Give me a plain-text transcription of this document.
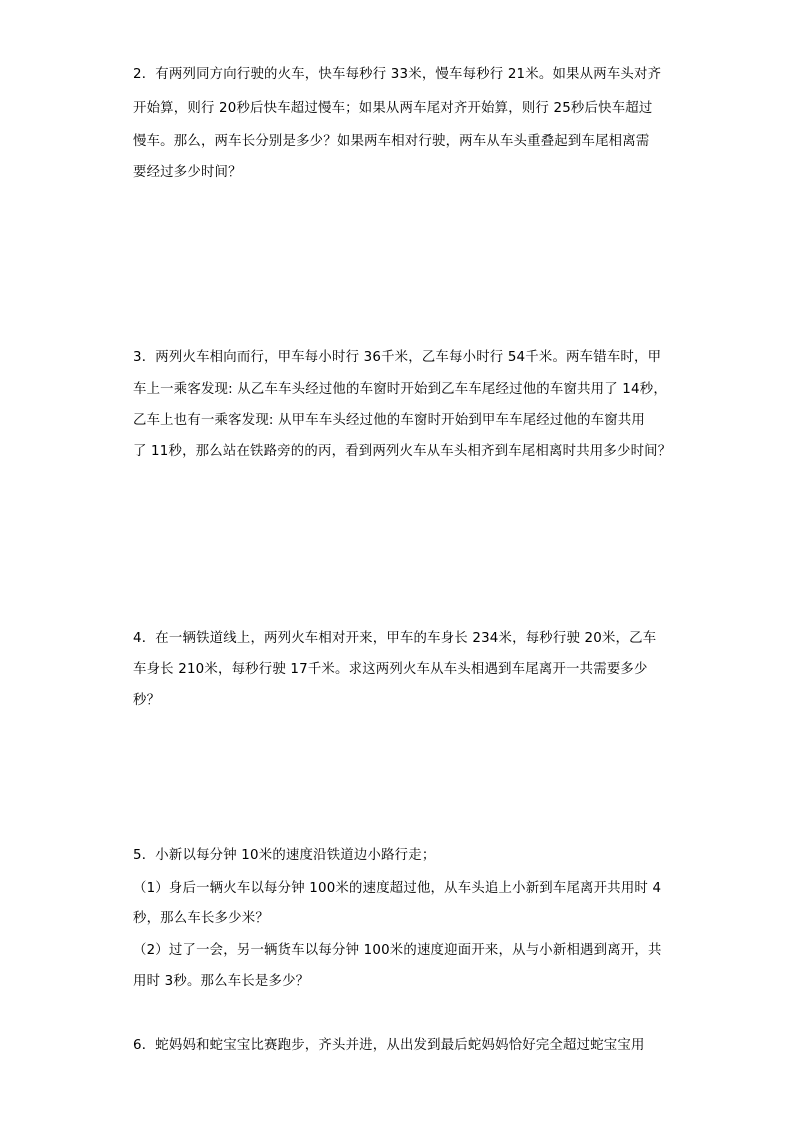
2．有两列同方向行驶的火车，快车每秒行 33米，慢车每秒行 21米。如果从两车头对齐
开始算，则行 20秒后快车超过慢车；如果从两车尾对齐开始算，则行 25秒后快车超过
慢车。那么，两车长分别是多少？如果两车相对行驶，两车从车头重叠起到车尾相离需
要经过多少时间？
3．两列火车相向而行，甲车每小时行 36千米，乙车每小时行 54千米。两车错车时，甲
车上一乘客发现: 从乙车车头经过他的车窗时开始到乙车车尾经过他的车窗共用了 14秒，
乙车上也有一乘客发现: 从甲车车头经过他的车窗时开始到甲车车尾经过他的车窗共用
了 11秒，那么站在铁路旁的的丙，看到两列火车从车头相齐到车尾相离时共用多少时间？
4．在一辆铁道线上，两列火车相对开来，甲车的车身长 234米，每秒行驶 20米，乙车
车身长 210米，每秒行驶 17千米。求这两列火车从车头相遇到车尾离开一共需要多少
秒？
5．小新以每分钟 10米的速度沿铁道边小路行走；
（1）身后一辆火车以每分钟 100米的速度超过他，从车头追上小新到车尾离开共用时 4
秒，那么车长多少米？
（2）过了一会，另一辆货车以每分钟 100米的速度迎面开来，从与小新相遇到离开，共
用时 3秒。那么车长是多少？
6．蛇妈妈和蛇宝宝比赛跑步，齐头并进，从出发到最后蛇妈妈恰好完全超过蛇宝宝用
